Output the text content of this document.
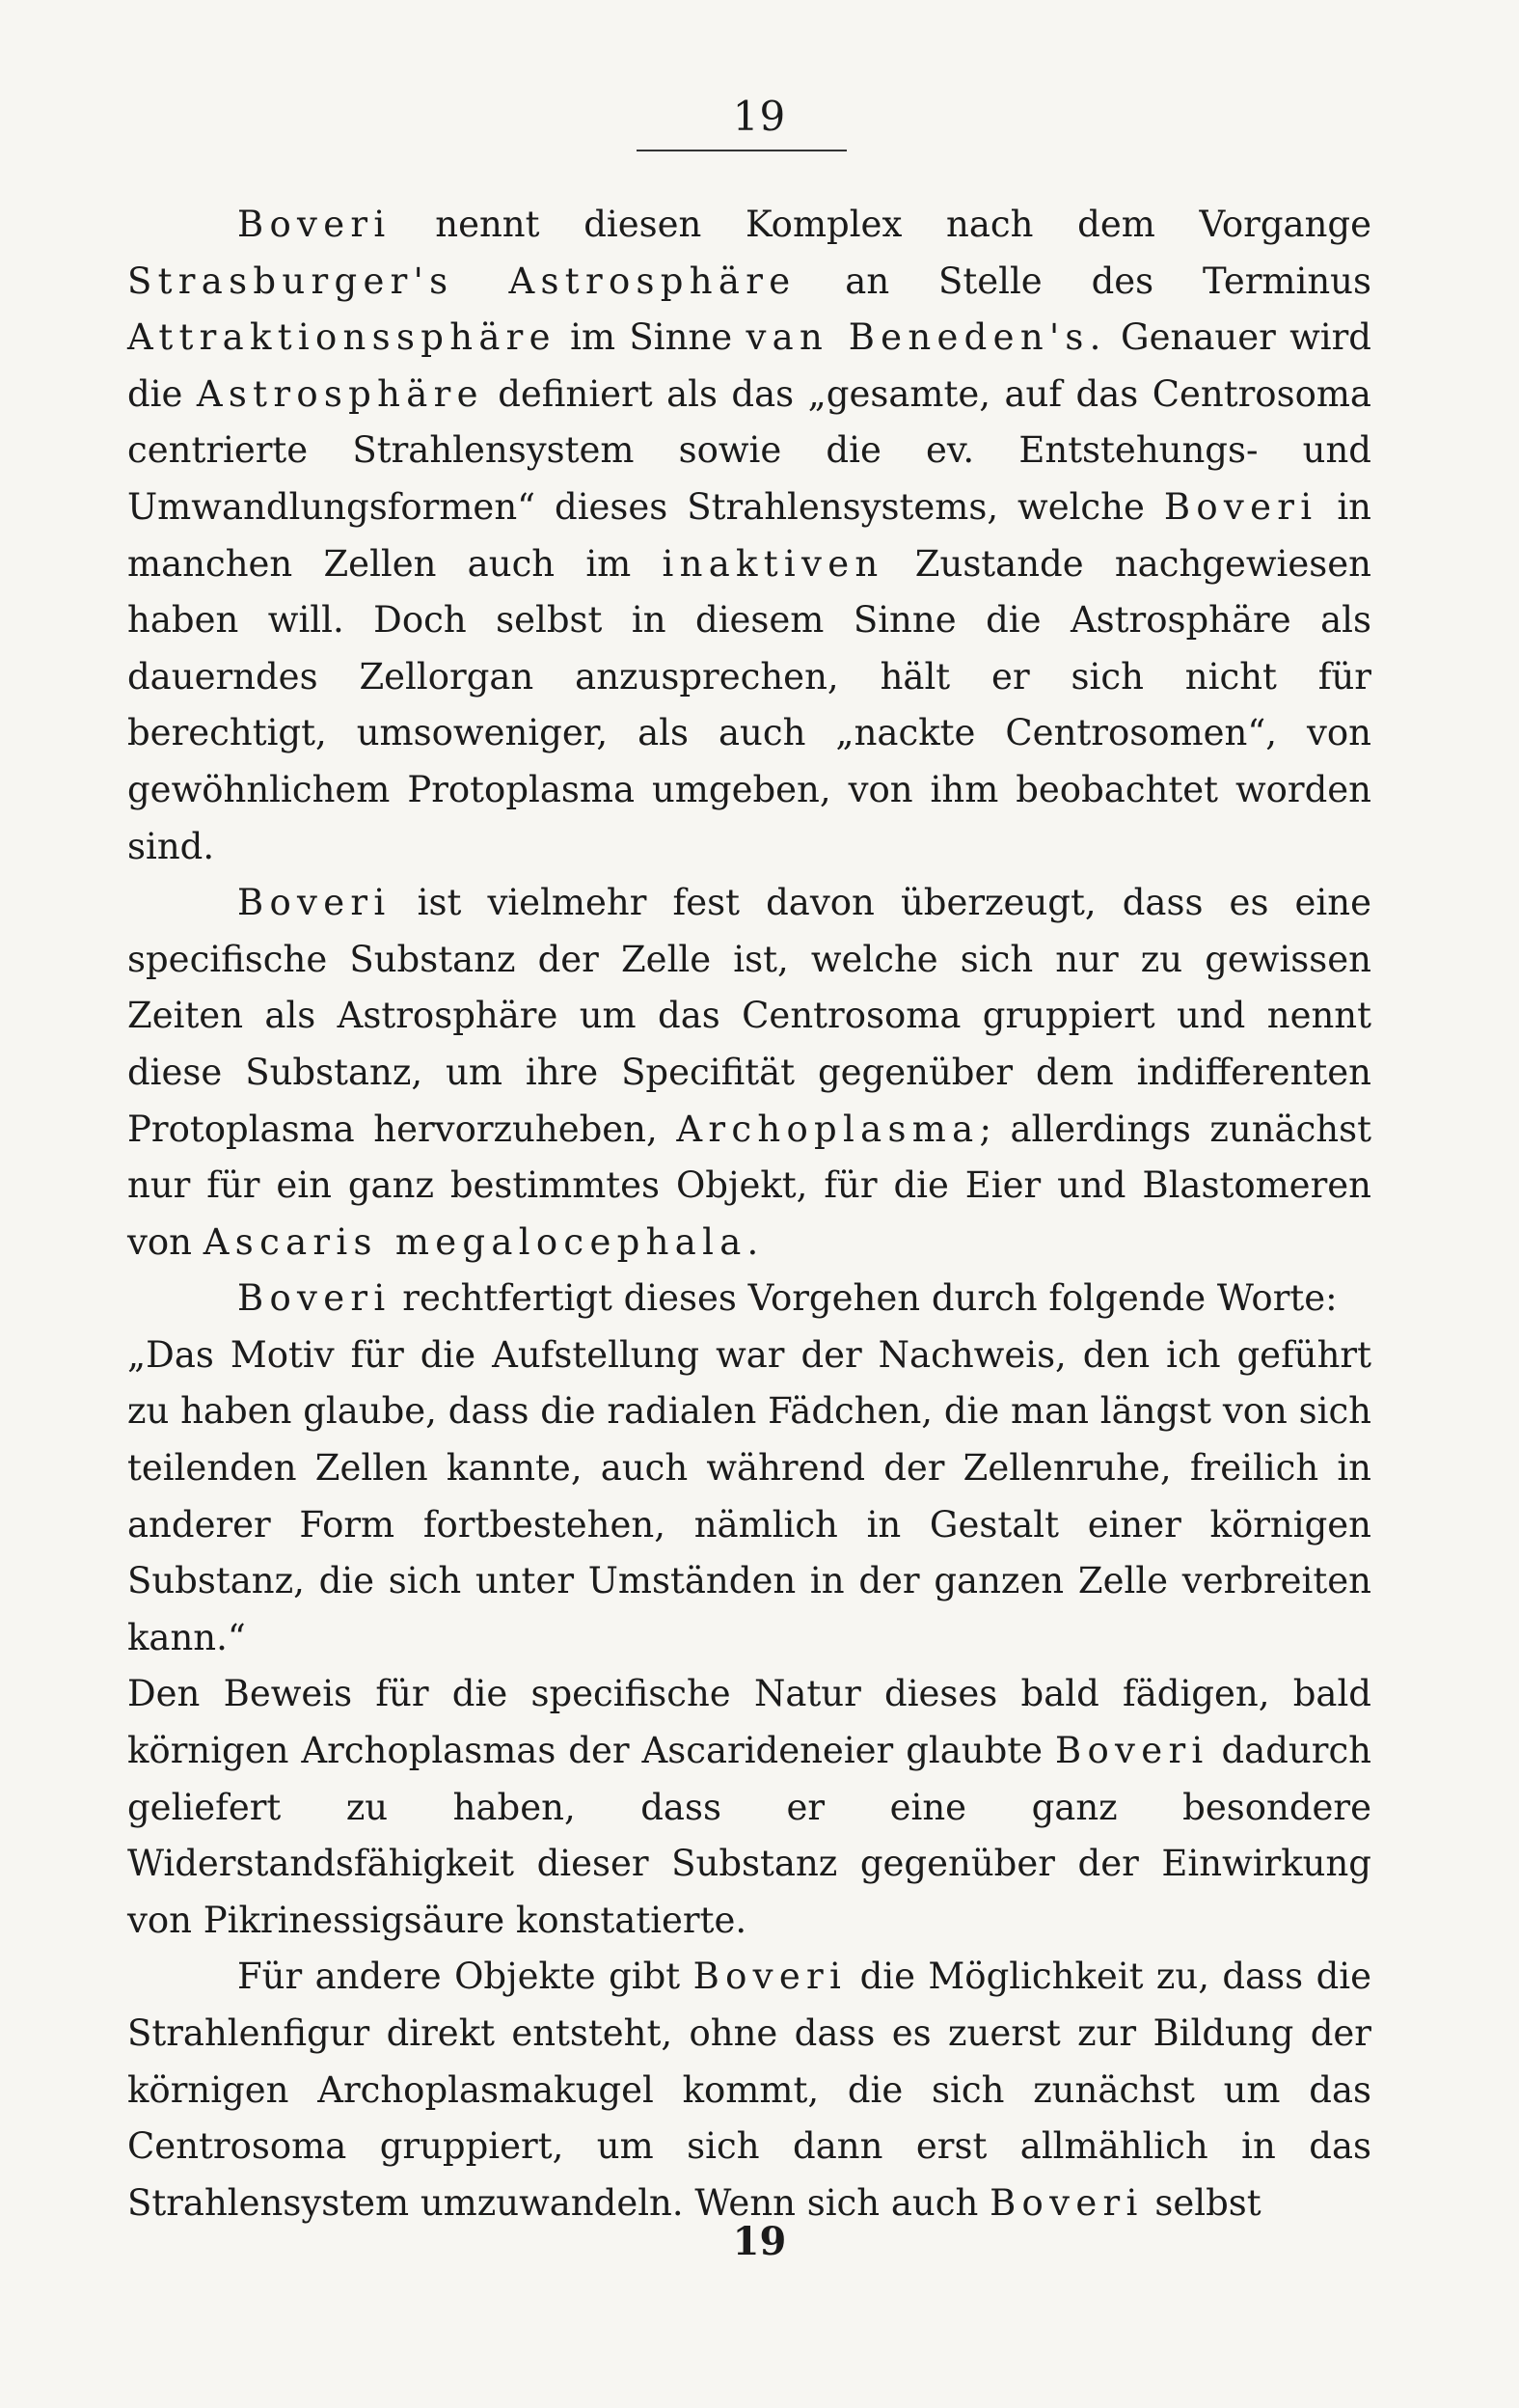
19

Boveri nennt diesen Komplex nach dem Vorgange Strasburger's Astrosphäre an Stelle des Terminus Attraktionssphäre im Sinne van Beneden's. Genauer wird die Astrosphäre definiert als das „gesamte, auf das Centrosoma centrierte Strahlensystem sowie die ev. Entstehungs- und Umwandlungsformen“ dieses Strahlensystems, welche Boveri in manchen Zellen auch im inaktiven Zustande nachgewiesen haben will. Doch selbst in diesem Sinne die Astrosphäre als dauerndes Zellorgan anzusprechen, hält er sich nicht für berechtigt, umsoweniger, als auch „nackte Centrosomen“, von gewöhnlichem Protoplasma umgeben, von ihm beobachtet worden sind.

Boveri ist vielmehr fest davon überzeugt, dass es eine specifische Substanz der Zelle ist, welche sich nur zu gewissen Zeiten als Astrosphäre um das Centrosoma gruppiert und nennt diese Substanz, um ihre Specifität gegenüber dem indifferenten Protoplasma hervorzuheben, Archoplasma; allerdings zunächst nur für ein ganz bestimmtes Objekt, für die Eier und Blastomeren von Ascaris megalocephala.

Boveri rechtfertigt dieses Vorgehen durch folgende Worte:

„Das Motiv für die Aufstellung war der Nachweis, den ich geführt zu haben glaube, dass die radialen Fädchen, die man längst von sich teilenden Zellen kannte, auch während der Zellenruhe, freilich in anderer Form fortbestehen, nämlich in Gestalt einer körnigen Substanz, die sich unter Umständen in der ganzen Zelle verbreiten kann.“

Den Beweis für die specifische Natur dieses bald fädigen, bald körnigen Archoplasmas der Ascarideneier glaubte Boveri dadurch geliefert zu haben, dass er eine ganz besondere Widerstandsfähigkeit dieser Substanz gegenüber der Einwirkung von Pikrinessigsäure konstatierte.

Für andere Objekte gibt Boveri die Möglichkeit zu, dass die Strahlenfigur direkt entsteht, ohne dass es zuerst zur Bildung der körnigen Archoplasmakugel kommt, die sich zunächst um das Centrosoma gruppiert, um sich dann erst allmählich in das Strahlensystem umzuwandeln. Wenn sich auch Boveri selbst

19
